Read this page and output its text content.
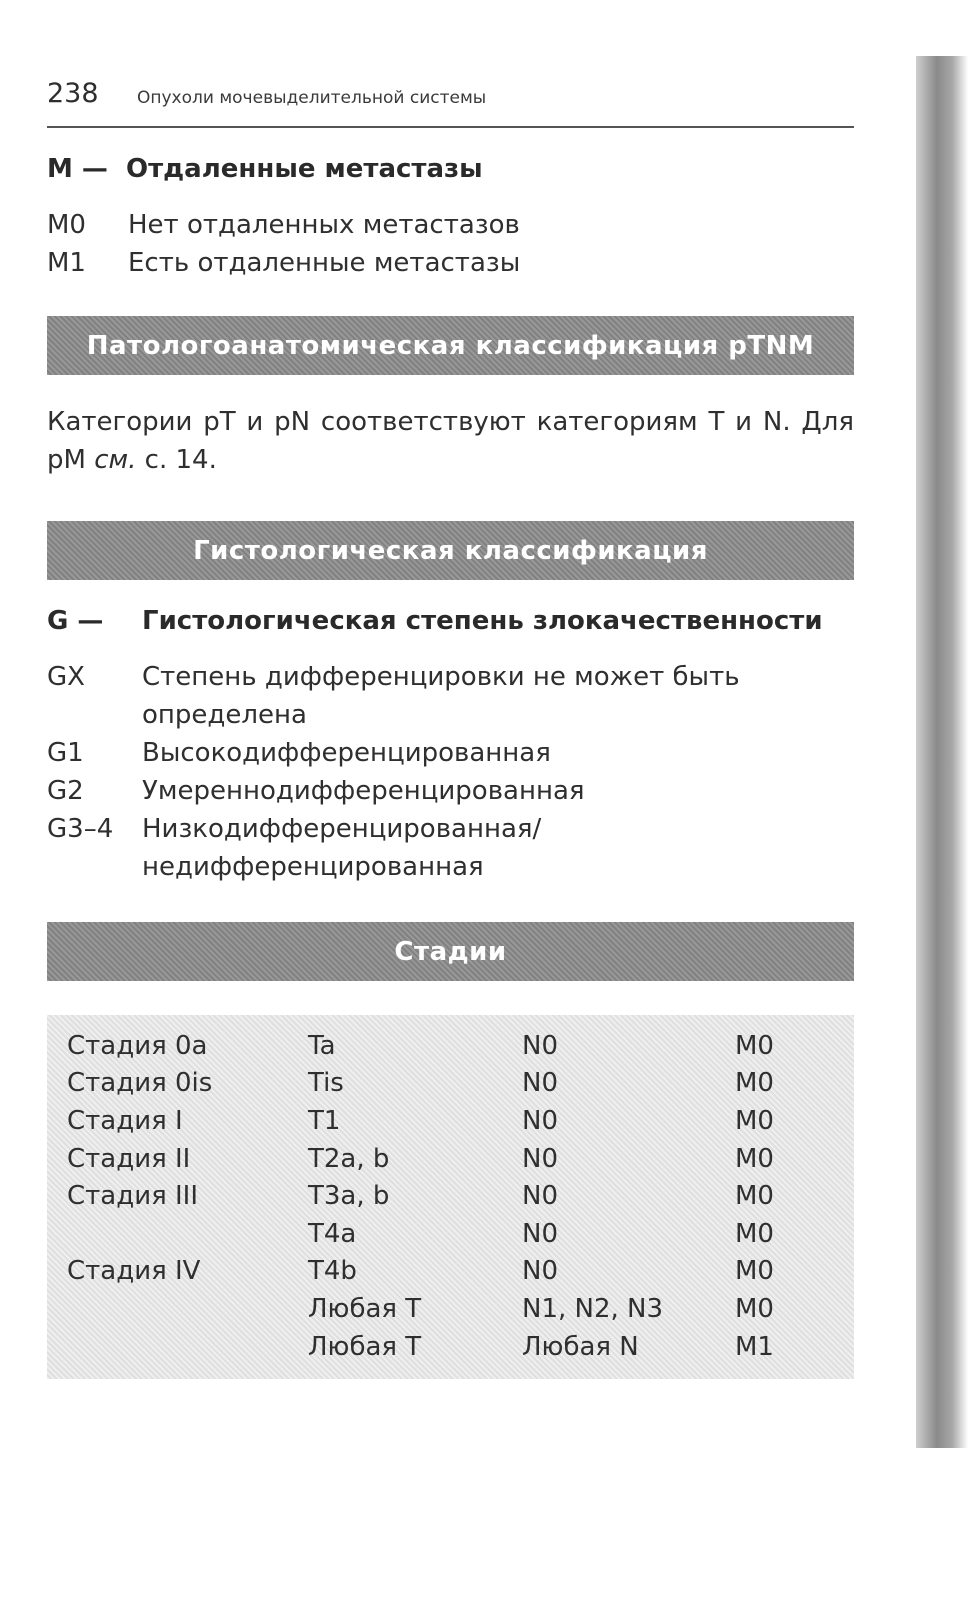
238 Опухоли мочевыделительной системы
M — Отдаленные метастазы
M0	Нет отдаленных метастазов
M1	Есть отдаленные метастазы
Патологоанатомическая классификация pTNM

Категории pT и pN соответствуют категориям T и N. Для pM см. с. 14.

Гистологическая классификация
G —	Гистологическая степень злокачественности
GX	Степень дифференцировки не может быть определена
G1	Высокодифференцированная
G2	Умереннодифференцированная
G3–4	Низкодифференцированная/недифференцированная
Стадии
Стадия 0a	Ta	N0	M0
Стадия 0is	Tis	N0	M0
Стадия I	T1	N0	M0
Стадия II	T2a, b	N0	M0
Стадия III	T3a, b	N0	M0
	T4a	N0	M0
Стадия IV	T4b	N0	M0
	Любая T	N1, N2, N3	M0
	Любая T	Любая N	M1
